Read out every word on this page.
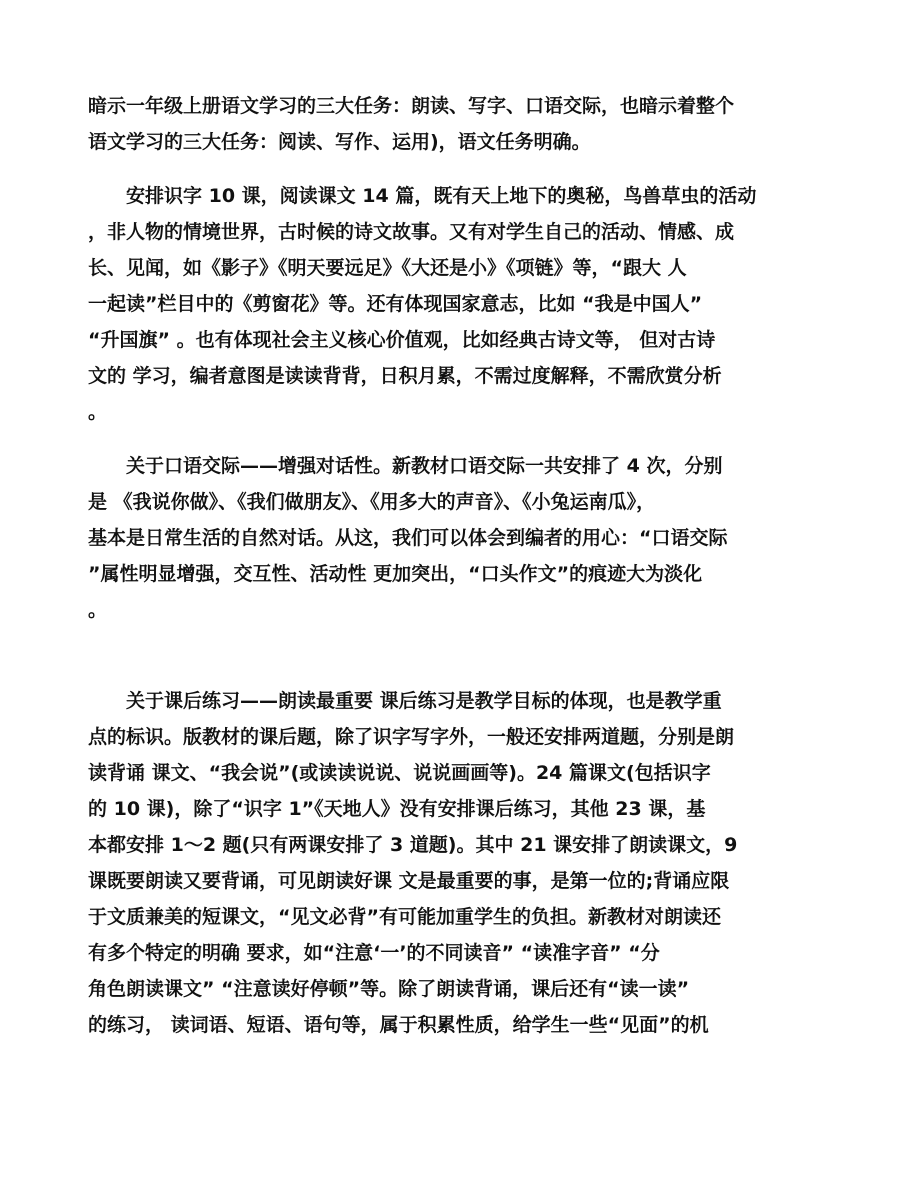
暗示一年级上册语文学习的三大任务：朗读、写字、口语交际，也暗示着整个
语文学习的三大任务：阅读、写作、运用)，语文任务明确。
安排识字 10 课，阅读课文 14 篇，既有天上地下的奥秘，鸟兽草虫的活动
，非人物的情境世界，古时候的诗文故事。又有对学生自己的活动、情感、成
长、见闻，如《影子》《明天要远足》《大还是小》《项链》等，“跟大 人
一起读”栏目中的《剪窗花》等。还有体现国家意志，比如 “我是中国人”
“升国旗” 。也有体现社会主义核心价值观，比如经典古诗文等， 但对古诗
文的 学习，编者意图是读读背背，日积月累，不需过度解释，不需欣赏分析
。
关于口语交际——增强对话性。新教材口语交际一共安排了 4 次，分别
是 《我说你做》、《我们做朋友》、《用多大的声音》、《小兔运南瓜》，
基本是日常生活的自然对话。从这，我们可以体会到编者的用心：“口语交际
”属性明显增强，交互性、活动性 更加突出，“口头作文”的痕迹大为淡化
。
关于课后练习——朗读最重要 课后练习是教学目标的体现，也是教学重
点的标识。版教材的课后题，除了识字写字外，一般还安排两道题，分别是朗
读背诵 课文、“我会说”(或读读说说、说说画画等)。24 篇课文(包括识字
的 10 课)，除了“识字 1”《天地人》没有安排课后练习，其他 23 课，基
本都安排 1～2 题(只有两课安排了 3 道题)。其中 21 课安排了朗读课文，9
课既要朗读又要背诵，可见朗读好课 文是最重要的事，是第一位的;背诵应限
于文质兼美的短课文，“见文必背”有可能加重学生的负担。新教材对朗读还
有多个特定的明确 要求，如“注意‘一’的不同读音” “读准字音” “分
角色朗读课文” “注意读好停顿”等。除了朗读背诵，课后还有“读一读”
的练习， 读词语、短语、语句等，属于积累性质，给学生一些“见面”的机
